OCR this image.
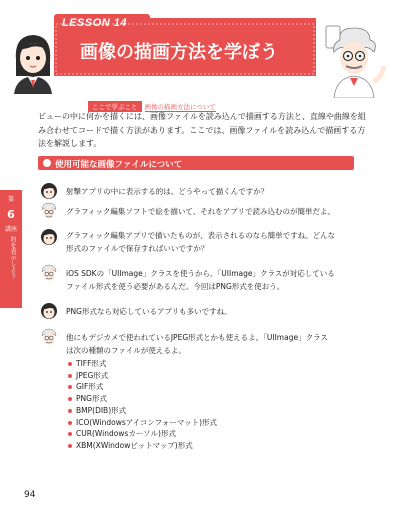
LESSON 14
画像の描画方法を学ぼう
ここで学ぶこと 画像の描画方法について
第
6
講座
的を表示しよう
ビューの中に何かを描くには、画像ファイルを読み込んで描画する方法と、直線や曲線を組み合わせてコードで描く方法があります。ここでは、画像ファイルを読み込んで描画する方法を解説します。
使用可能な画像ファイルについて
射撃アプリの中に表示する的は、どうやって描くんですか？
グラフィック編集ソフトで絵を描いて、それをアプリで読み込むのが簡単だよ。
グラフィック編集アプリで描いたものが、表示されるのなら簡単ですね。どんな
形式のファイルで保存すればいいですか？
iOS SDKの「UIImage」クラスを使うから、「UIImage」クラスが対応している
ファイル形式を使う必要があるんだ。今回はPNG形式を使おう。
PNG形式なら対応しているアプリも多いですね。
他にもデジカメで使われているJPEG形式とかも使えるよ。「UIImage」クラス
は次の種類のファイルが使えるよ。
TIFF形式
JPEG形式
GIF形式
PNG形式
BMP(DIB)形式
ICO(Windowsアイコンフォーマット)形式
CUR(Windowsカーソル)形式
XBM(XWindowビットマップ)形式
94
